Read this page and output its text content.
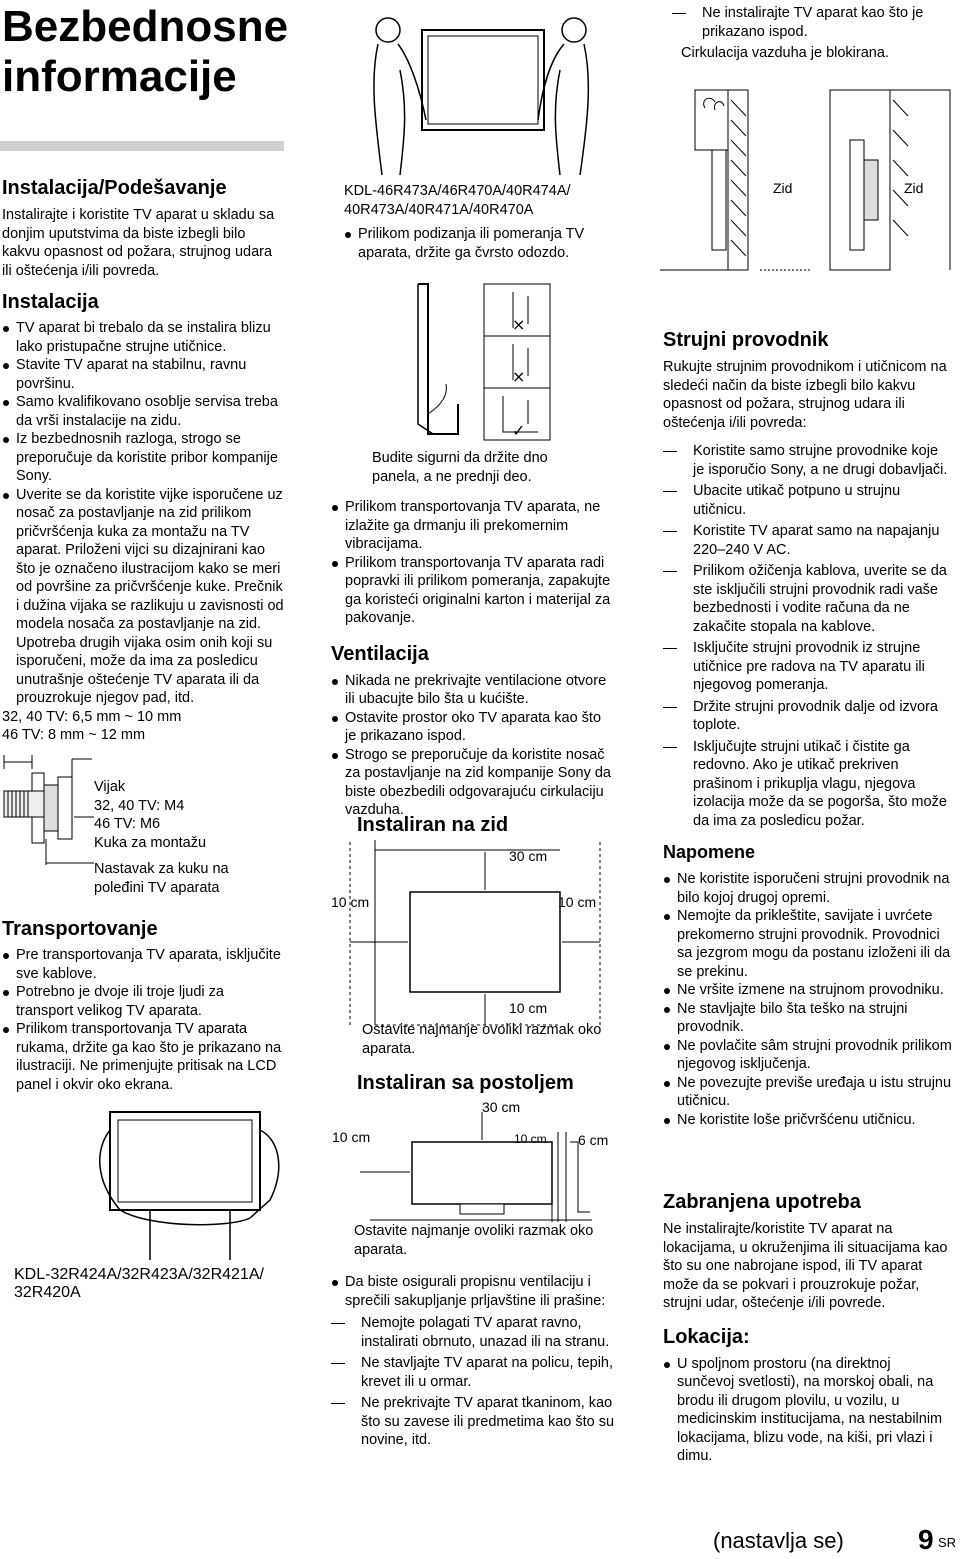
Bezbednosne
informacije
Instalacija/Podešavanje

Instalirajte i koristite TV aparat u skladu sa donjim uputstvima da biste izbegli bilo kakvu opasnost od požara, strujnog udara ili oštećenja i/ili povreda.

Instalacija
TV aparat bi trebalo da se instalira blizu lako pristupačne strujne utičnice.
Stavite TV aparat na stabilnu, ravnu površinu.
Samo kvalifikovano osoblje servisa treba da vrši instalacije na zidu.
Iz bezbednosnih razloga, strogo se preporučuje da koristite pribor kompanije Sony.
Uverite se da koristite vijke isporučene uz nosač za postavljanje na zid prilikom pričvršćenja kuka za montažu na TV aparat. Priloženi vijci su dizajnirani kao što je označeno ilustracijom kako se meri od površine za pričvršćenje kuke. Prečnik i dužina vijaka se razlikuju u zavisnosti od modela nosača za postavljanje na zid. Upotreba drugih vijaka osim onih koji su isporučeni, može da ima za posledicu unutrašnje oštećenje TV aparata ili da prouzrokuje njegov pad, itd.

32, 40 TV: 6,5 mm ~ 10 mm

46 TV: 8 mm ~ 12 mm

Vijak

32, 40 TV: M4

46 TV: M6

Kuka za montažu

Nastavak za kuku na poleđini TV aparata

Transportovanje
Pre transportovanja TV aparata, isključite sve kablove.
Potrebno je dvoje ili troje ljudi za transport velikog TV aparata.
Prilikom transportovanja TV aparata rukama, držite ga kao što je prikazano na ilustraciji. Ne primenjujte pritisak na LCD panel i okvir oko ekrana.
KDL-32R424A/32R423A/32R421A/ 32R420A

KDL-46R473A/46R470A/40R474A/ 40R473A/40R471A/40R470A

Prilikom podizanja ili pomeranja TV aparata, držite ga čvrsto odozdo.
×
×
✓
Budite sigurni da držite dno panela, a ne prednji deo.
Prilikom transportovanja TV aparata, ne izlažite ga drmanju ili prekomernim vibracijama.
Prilikom transportovanja TV aparata radi popravki ili prilikom pomeranja, zapakujte ga koristeći originalni karton i materijal za pakovanje.
Ventilacija
Nikada ne prekrivajte ventilacione otvore ili ubacujte bilo šta u kućište.
Ostavite prostor oko TV aparata kao što je prikazano ispod.
Strogo se preporučuje da koristite nosač za postavljanje na zid kompanije Sony da biste obezbedili odgovarajuću cirkulaciju vazduha.
Instaliran na zid
30 cm
10 cm	10 cm
10 cm
Ostavite najmanje ovoliki razmak oko aparata.
Instaliran sa postoljem
30 cm
10 cm	10 cm 6 cm
Ostavite najmanje ovoliki razmak oko aparata.
Da biste osigurali propisnu ventilaciju i sprečili sakupljanje prljavštine ili prašine:
Nemojte polagati TV aparat ravno, instalirati obrnuto, unazad ili na stranu.
Ne stavljajte TV aparat na policu, tepih, krevet ili u ormar.
Ne prekrivajte TV aparat tkaninom, kao što su zavese ili predmetima kao što su novine, itd.
Ne instalirajte TV aparat kao što je prikazano ispod.

Cirkulacija vazduha je blokirana.

Zid	Zid
Strujni provodnik

Rukujte strujnim provodnikom i utičnicom na sledeći način da biste izbegli bilo kakvu opasnost od požara, strujnog udara ili oštećenja i/ili povreda:

Koristite samo strujne provodnike koje je isporučio Sony, a ne drugi dobavljači.
Ubacite utikač potpuno u strujnu utičnicu.
Koristite TV aparat samo na napajanju 220–240 V AC.
Prilikom ožičenja kablova, uverite se da ste isključili strujni provodnik radi vaše bezbednosti i vodite računa da ne zakačite stopala na kablove.
Isključite strujni provodnik iz strujne utičnice pre radova na TV aparatu ili njegovog pomeranja.
Držite strujni provodnik dalje od izvora toplote.
Isključujte strujni utikač i čistite ga redovno. Ako je utikač prekriven prašinom i prikuplja vlagu, njegova izolacija može da se pogorša, što može da ima za posledicu požar.
Napomene
Ne koristite isporučeni strujni provodnik na bilo kojoj drugoj opremi.
Nemojte da prikleštite, savijate i uvrćete prekomerno strujni provodnik. Provodnici sa jezgrom mogu da postanu izloženi ili da se prekinu.
Ne vršite izmene na strujnom provodniku.
Ne stavljajte bilo šta teško na strujni provodnik.
Ne povlačite sâm strujni provodnik prilikom njegovog isključenja.
Ne povezujte previše uređaja u istu strujnu utičnicu.
Ne koristite loše pričvršćenu utičnicu.
Zabranjena upotreba

Ne instalirajte/koristite TV aparat na lokacijama, u okruženjima ili situacijama kao što su one nabrojane ispod, ili TV aparat može da se pokvari i prouzrokuje požar, strujni udar, oštećenje i/ili povrede.

Lokacija:
U spoljnom prostoru (na direktnoj sunčevoj svetlosti), na morskoj obali, na brodu ili drugom plovilu, u vozilu, u medicinskim institucijama, na nestabilnim lokacijama, blizu vode, na kiši, pri vlazi i dimu.
(nastavlja se)	9 SR
